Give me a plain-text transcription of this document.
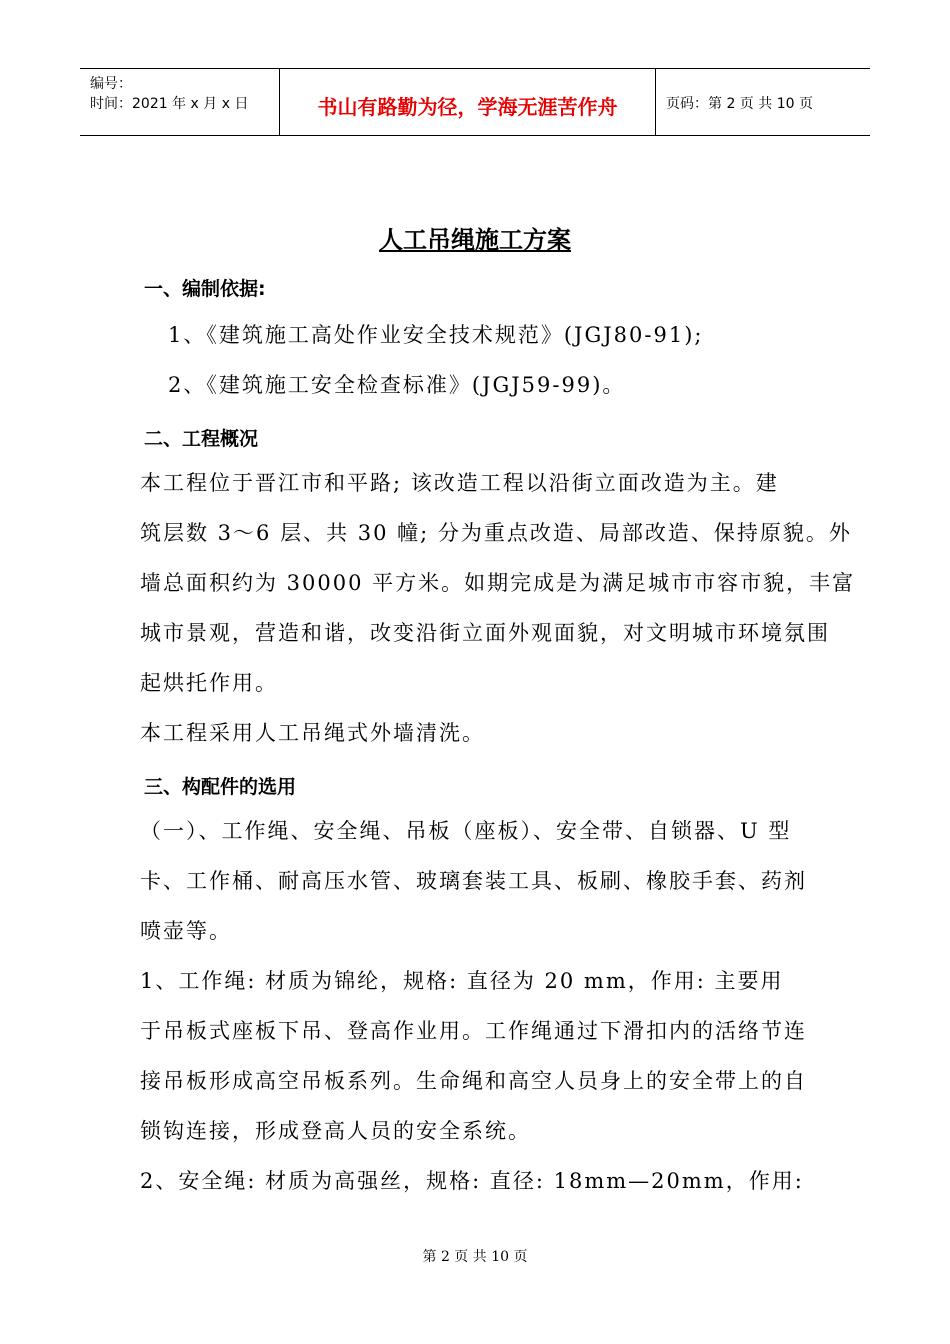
编号：
时间：2021 年 x 月 x 日	书山有路勤为径，学海无涯苦作舟	页码：第 2 页 共 10 页
人工吊绳施工方案
一、编制依据:
1、《建筑施工高处作业安全技术规范》(JGJ80-91);
2、《建筑施工安全检查标准》(JGJ59-99)。
二、工程概况
本工程位于晋江市和平路; 该改造工程以沿街立面改造为主。建
筑层数 3～6 层、共 30 幢; 分为重点改造、局部改造、保持原貌。外
墙总面积约为 30000 平方米。如期完成是为满足城市市容市貌，丰富
城市景观，营造和谐，改变沿街立面外观面貌，对文明城市环境氛围
起烘托作用。
本工程采用人工吊绳式外墙清洗。
三、构配件的选用
（一）、工作绳、安全绳、吊板（座板）、安全带、自锁器、U 型
卡、工作桶、耐高压水管、玻璃套装工具、板刷、橡胶手套、药剂
喷壶等。
1、工作绳: 材质为锦纶，规格: 直径为 20 mm，作用: 主要用
于吊板式座板下吊、登高作业用。工作绳通过下滑扣内的活络节连
接吊板形成高空吊板系列。生命绳和高空人员身上的安全带上的自
锁钩连接，形成登高人员的安全系统。
2、安全绳: 材质为高强丝，规格: 直径: 18mm—20mm，作用:
第 2 页 共 10 页
